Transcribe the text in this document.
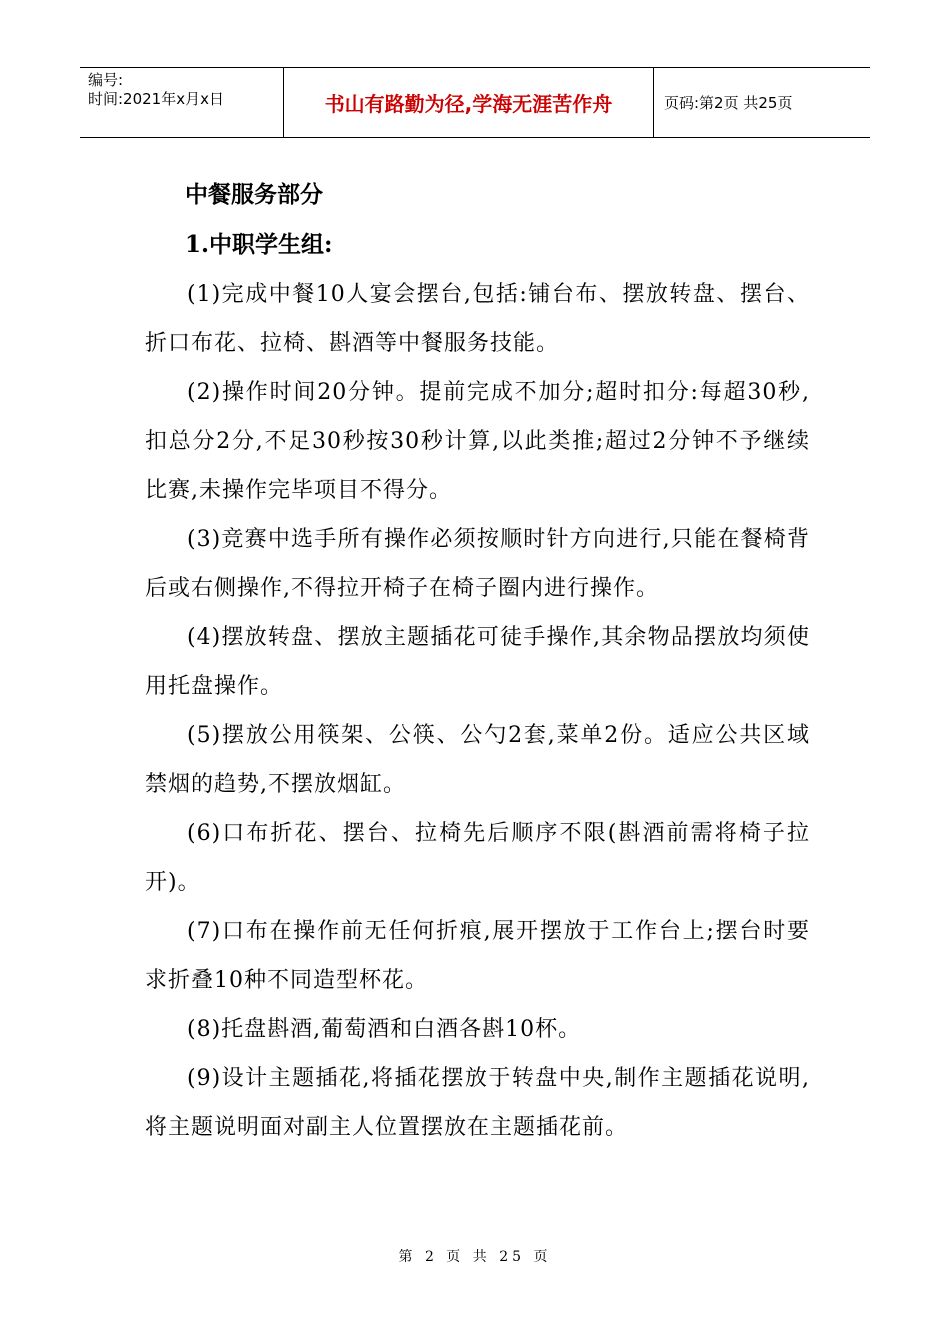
编号:
时间:2021年x月x日	书山有路勤为径,学海无涯苦作舟	页码:第2页 共25页
中餐服务部分
1.中职学生组:

(1)完成中餐10人宴会摆台,包括:铺台布、摆放转盘、摆台、折口布花、拉椅、斟酒等中餐服务技能。

(2)操作时间20分钟。提前完成不加分;超时扣分:每超30秒,扣总分2分,不足30秒按30秒计算,以此类推;超过2分钟不予继续比赛,未操作完毕项目不得分。

(3)竞赛中选手所有操作必须按顺时针方向进行,只能在餐椅背后或右侧操作,不得拉开椅子在椅子圈内进行操作。

(4)摆放转盘、摆放主题插花可徒手操作,其余物品摆放均须使用托盘操作。

(5)摆放公用筷架、公筷、公勺2套,菜单2份。适应公共区域禁烟的趋势,不摆放烟缸。

(6)口布折花、摆台、拉椅先后顺序不限(斟酒前需将椅子拉开)。

(7)口布在操作前无任何折痕,展开摆放于工作台上;摆台时要求折叠10种不同造型杯花。

(8)托盘斟酒,葡萄酒和白酒各斟10杯。

(9)设计主题插花,将插花摆放于转盘中央,制作主题插花说明,将主题说明面对副主人位置摆放在主题插花前。

第 2 页 共 25 页
